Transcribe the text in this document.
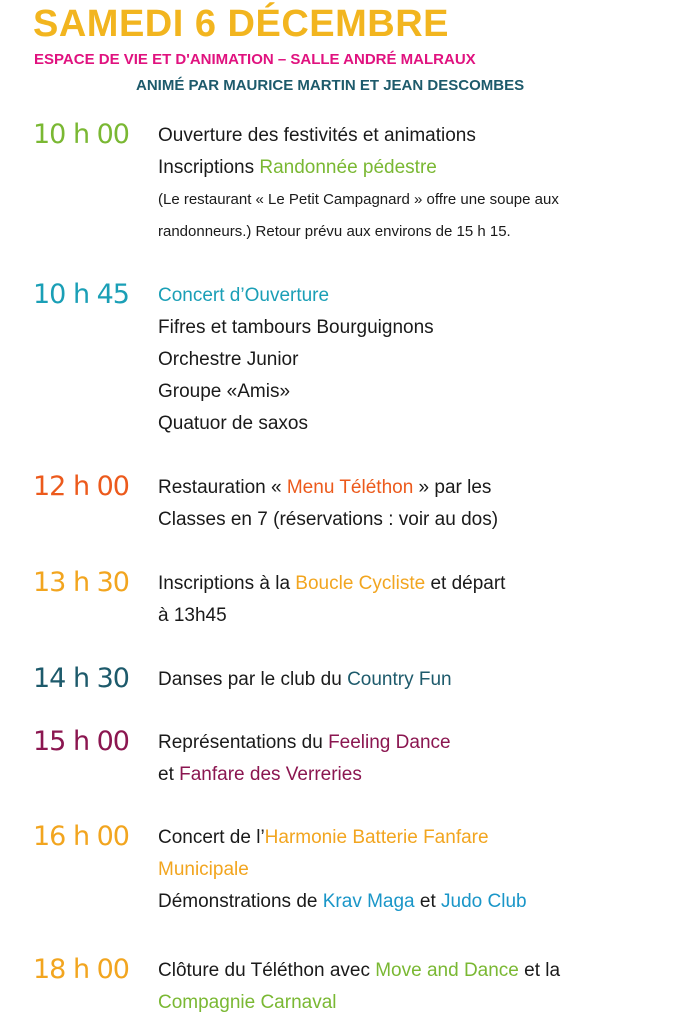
SAMEDI 6 DÉCEMBRE
ESPACE DE VIE ET D'ANIMATION – SALLE ANDRÉ MALRAUX
ANIMÉ PAR MAURICE MARTIN ET JEAN DESCOMBES
10 h 00 Ouverture des festivités et animations
Inscriptions Randonnée pédestre
(Le restaurant « Le Petit Campagnard » offre une soupe aux
randonneurs.) Retour prévu aux environs de 15 h 15.
10 h 45 Concert d’Ouverture
Fifres et tambours Bourguignons
Orchestre Junior
Groupe «Amis»
Quatuor de saxos
12 h 00 Restauration « Menu Téléthon » par les
Classes en 7 (réservations : voir au dos)
13 h 30 Inscriptions à la Boucle Cycliste et départ
à 13h45
14 h 30 Danses par le club du Country Fun
15 h 00 Représentations du Feeling Dance
et Fanfare des Verreries
16 h 00 Concert de l’Harmonie Batterie Fanfare
Municipale
Démonstrations de Krav Maga et Judo Club
18 h 00 Clôture du Téléthon avec Move and Dance et la
Compagnie Carnaval
